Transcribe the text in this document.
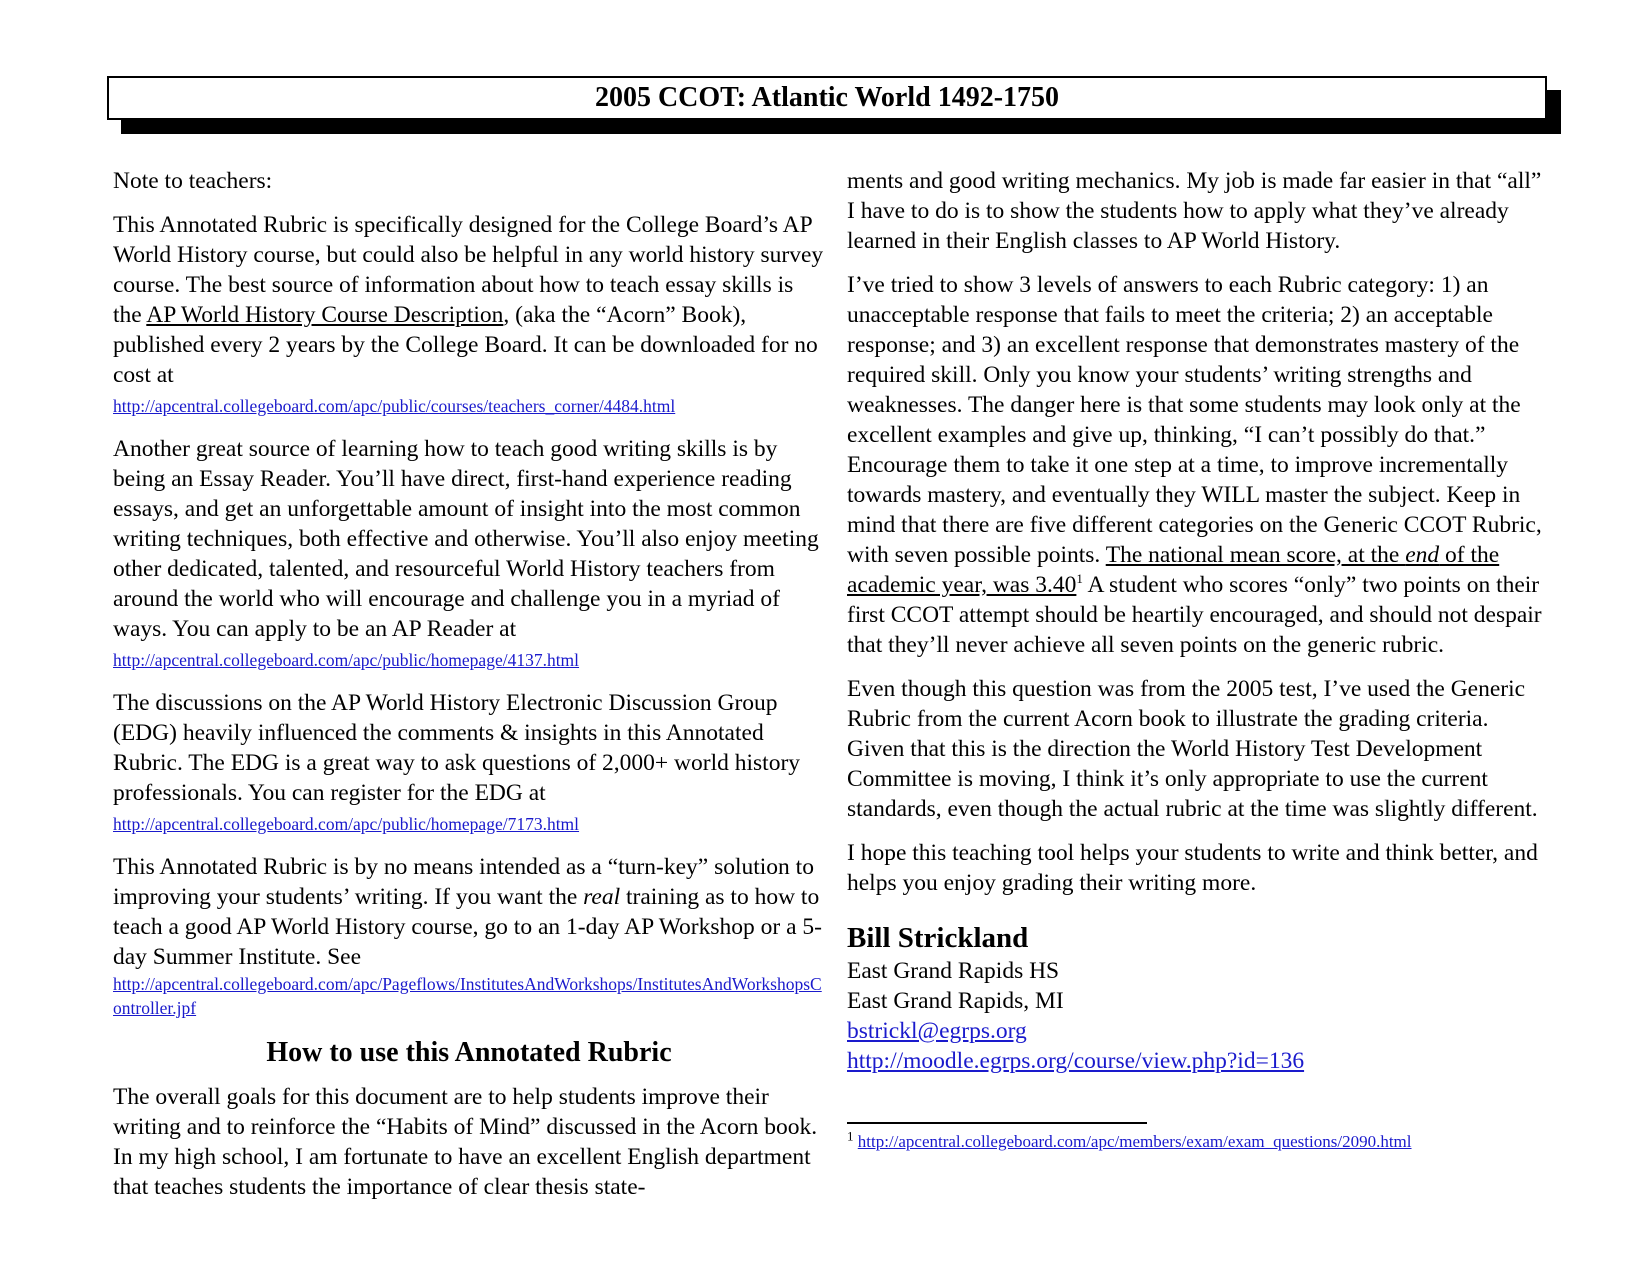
2005 CCOT: Atlantic World 1492-1750

Note to teachers:

This Annotated Rubric is specifically designed for the College Board’s AP World History course, but could also be helpful in any world history survey course. The best source of information about how to teach essay skills is the AP World History Course Description, (aka the “Acorn” Book), published every 2 years by the College Board. It can be downloaded for no cost at
http://apcentral.collegeboard.com/apc/public/courses/teachers_corner/4484.html

Another great source of learning how to teach good writing skills is by being an Essay Reader. You’ll have direct, first-hand experience reading essays, and get an unforgettable amount of insight into the most common writing techniques, both effective and otherwise. You’ll also enjoy meeting other dedicated, talented, and resourceful World History teachers from around the world who will encourage and challenge you in a myriad of ways. You can apply to be an AP Reader at http://apcentral.collegeboard.com/apc/public/homepage/4137.html

The discussions on the AP World History Electronic Discussion Group (EDG) heavily influenced the comments & insights in this Annotated Rubric. The EDG is a great way to ask questions of 2,000+ world history professionals. You can register for the EDG at
http://apcentral.collegeboard.com/apc/public/homepage/7173.html

This Annotated Rubric is by no means intended as a “turn-key” solution to improving your students’ writing. If you want the real training as to how to teach a good AP World History course, go to an 1-day AP Workshop or a 5-day Summer Institute. See
http://apcentral.collegeboard.com/apc/Pageflows/InstitutesAndWorkshops/InstitutesAndWorkshopsController.jpf

How to use this Annotated Rubric

The overall goals for this document are to help students improve their writing and to reinforce the “Habits of Mind” discussed in the Acorn book. In my high school, I am fortunate to have an excellent English department that teaches students the importance of clear thesis state-

ments and good writing mechanics. My job is made far easier in that “all” I have to do is to show the students how to apply what they’ve already learned in their English classes to AP World History.

I’ve tried to show 3 levels of answers to each Rubric category: 1) an unacceptable response that fails to meet the criteria; 2) an acceptable response; and 3) an excellent response that demonstrates mastery of the required skill. Only you know your students’ writing strengths and weaknesses. The danger here is that some students may look only at the excellent examples and give up, thinking, “I can’t possibly do that.” Encourage them to take it one step at a time, to improve incrementally towards mastery, and eventually they WILL master the subject. Keep in mind that there are five different categories on the Generic CCOT Rubric, with seven possible points. The national mean score, at the end of the academic year, was 3.40$^1$ A student who scores “only” two points on their first CCOT attempt should be heartily encouraged, and should not despair that they’ll never achieve all seven points on the generic rubric.

Even though this question was from the 2005 test, I’ve used the Generic Rubric from the current Acorn book to illustrate the grading criteria. Given that this is the direction the World History Test Development Committee is moving, I think it’s only appropriate to use the current standards, even though the actual rubric at the time was slightly different.

I hope this teaching tool helps your students to write and think better, and helps you enjoy grading their writing more.

Bill Strickland
East Grand Rapids HS
East Grand Rapids, MI
bstrickl@egrps.org
http://moodle.egrps.org/course/view.php?id=136
$^1$ http://apcentral.collegeboard.com/apc/members/exam/exam_questions/2090.html
